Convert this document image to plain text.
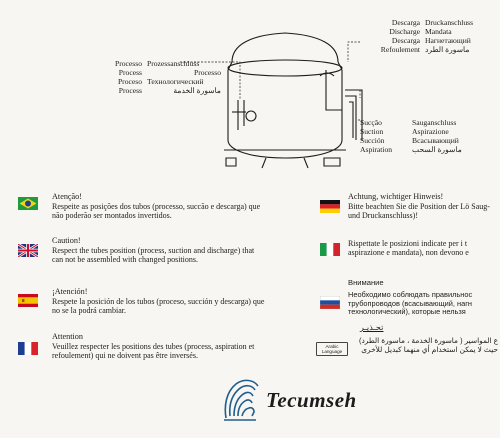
Descarga
Discharge
Descarga
Refoulement
Druckanschluss
Mandata
Нагнетающий
ماسورة الطرد
Processo
Process
Proceso
Process
Prozessanschluss
Processo
Технологический
ماسورة الخدمة
Sucção
Suction
Succión
Aspiration
Sauganschluss
Aspirazione
Всасывающий
ماسورة السحب
Atenção!
Respeite as posições dos tubos (processo, succão e descarga) que não poderão ser montados invertidos.
Caution!
Respect the tubes position (process, suction and discharge) that can not be assembled with changed positions.
¡Atención!
Respete la posición de los tubos (proceso, succión y descarga) que no se la podrá cambiar.
Attention
Veuillez respecter les positions des tubes (process, aspiration et refoulement) qui ne doivent pas être inversés.
Achtung, wichtiger Hinweis!
Bitte beachten Sie die Position der Lö Saug- und Druckanschluss)!
Rispettate le posizioni indicate per i t aspirazione e mandata), non devono e
Внимание
Необходимо соблюдать правильнос трубопроводов (всасывающий, нагн технологический), которые нельзя
تحـذيـر
Arabic Language
ع المواسير ( ماسورة الخدمة ، ماسورة الطرد) حيث لا يمكن استخدام أي منهما كبديل للأخرى
Tecumseh
